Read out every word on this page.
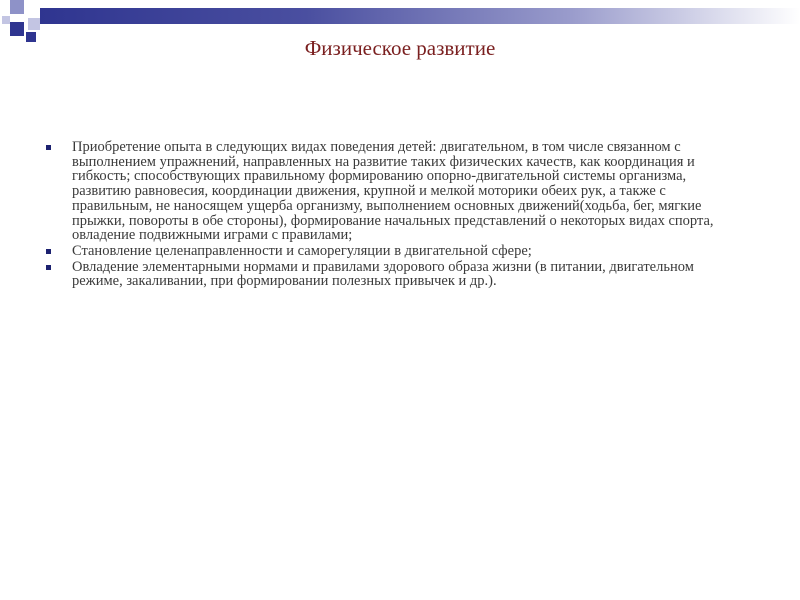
Физическое развитие
Приобретение опыта в следующих видах поведения детей: двигательном, в том числе связанном с выполнением упражнений, направленных на развитие таких физических качеств, как координация и гибкость; способствующих правильному формированию опорно-двигательной системы организма, развитию равновесия, координации движения, крупной и мелкой моторики обеих рук, а также с правильным, не наносящем ущерба организму, выполнением основных движений(ходьба, бег, мягкие прыжки, повороты в обе стороны), формирование начальных представлений о некоторых видах спорта, овладение подвижными играми с правилами;
Становление целенаправленности и саморегуляции в двигательной сфере;
Овладение элементарными нормами и правилами здорового образа жизни (в питании, двигательном режиме, закаливании, при формировании полезных привычек и др.).
